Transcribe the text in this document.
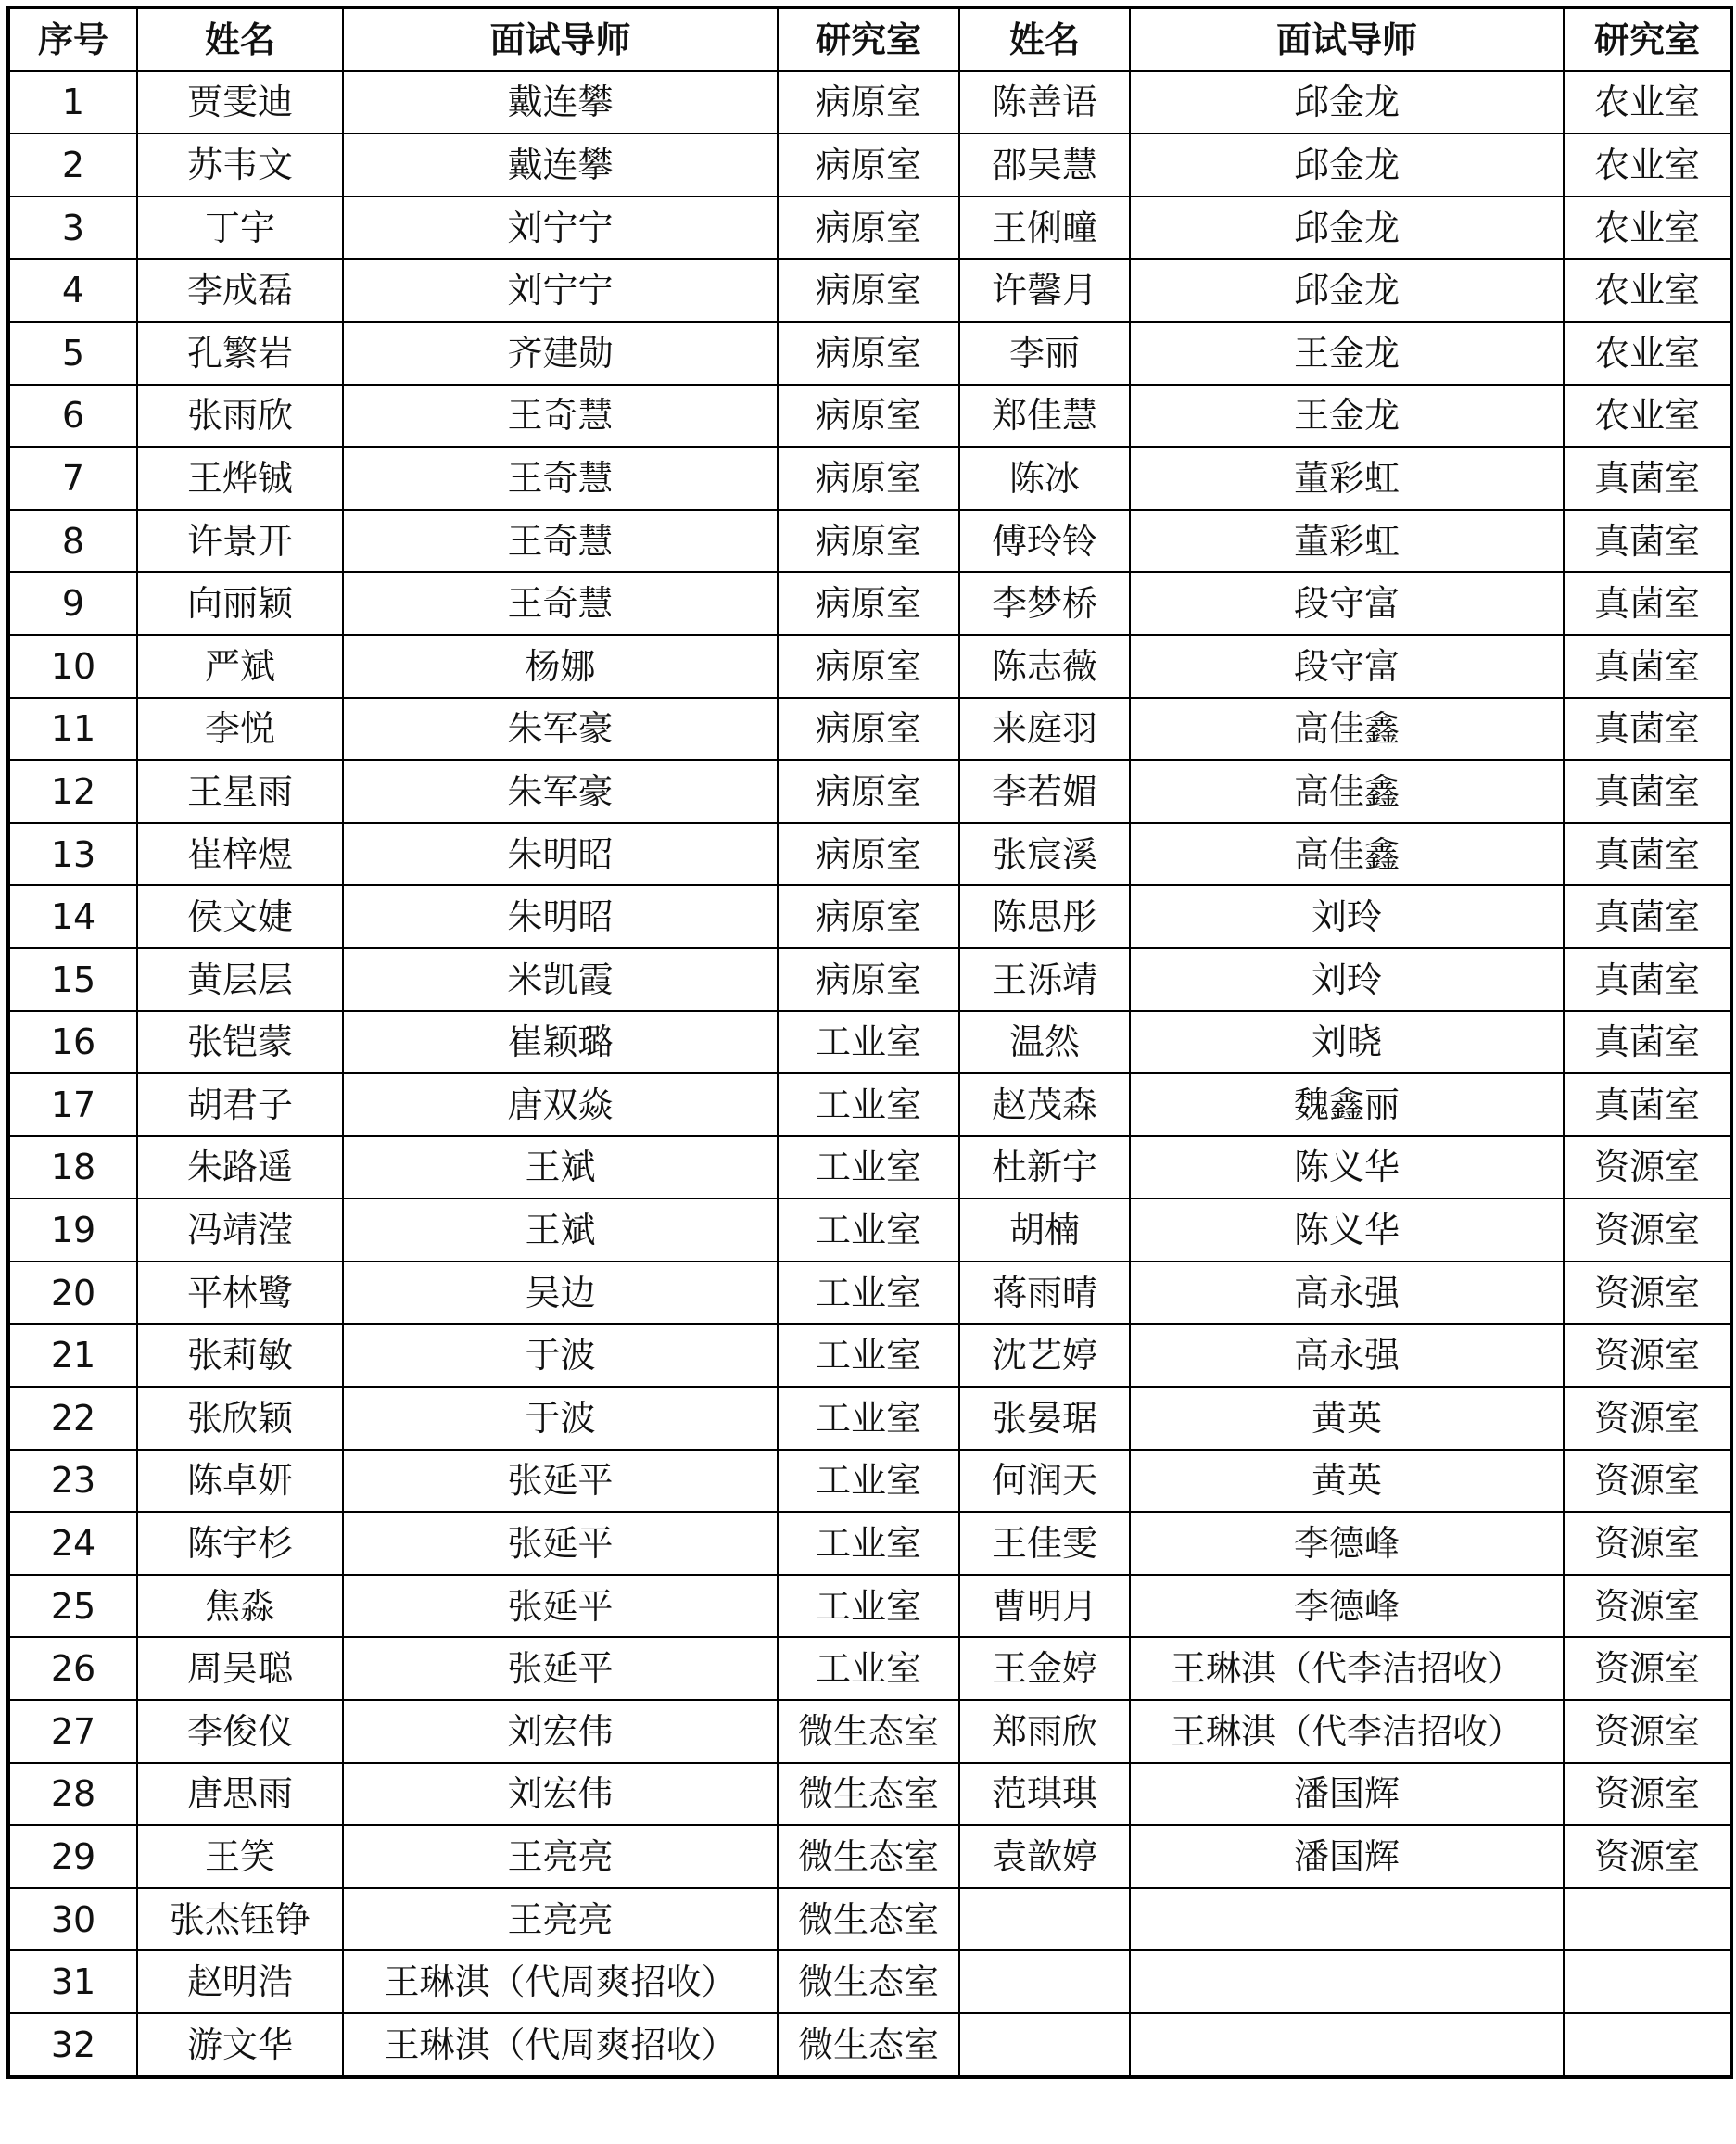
序号	姓名	面试导师	研究室	姓名	面试导师	研究室
1	贾雯迪	戴连攀	病原室	陈善语	邱金龙	农业室
2	苏韦文	戴连攀	病原室	邵吴慧	邱金龙	农业室
3	丁宇	刘宁宁	病原室	王俐曈	邱金龙	农业室
4	李成磊	刘宁宁	病原室	许馨月	邱金龙	农业室
5	孔繁岩	齐建勋	病原室	李丽	王金龙	农业室
6	张雨欣	王奇慧	病原室	郑佳慧	王金龙	农业室
7	王烨铖	王奇慧	病原室	陈冰	董彩虹	真菌室
8	许景开	王奇慧	病原室	傅玲铃	董彩虹	真菌室
9	向丽颖	王奇慧	病原室	李梦桥	段守富	真菌室
10	严斌	杨娜	病原室	陈志薇	段守富	真菌室
11	李悦	朱军豪	病原室	来庭羽	高佳鑫	真菌室
12	王星雨	朱军豪	病原室	李若媚	高佳鑫	真菌室
13	崔梓煜	朱明昭	病原室	张宸溪	高佳鑫	真菌室
14	侯文婕	朱明昭	病原室	陈思彤	刘玲	真菌室
15	黄层层	米凯霞	病原室	王泺靖	刘玲	真菌室
16	张铠蒙	崔颖璐	工业室	温然	刘晓	真菌室
17	胡君子	唐双焱	工业室	赵茂森	魏鑫丽	真菌室
18	朱路遥	王斌	工业室	杜新宇	陈义华	资源室
19	冯靖滢	王斌	工业室	胡楠	陈义华	资源室
20	平林鹭	吴边	工业室	蒋雨晴	高永强	资源室
21	张莉敏	于波	工业室	沈艺婷	高永强	资源室
22	张欣颖	于波	工业室	张晏琚	黄英	资源室
23	陈卓妍	张延平	工业室	何润天	黄英	资源室
24	陈宇杉	张延平	工业室	王佳雯	李德峰	资源室
25	焦淼	张延平	工业室	曹明月	李德峰	资源室
26	周吴聪	张延平	工业室	王金婷	王琳淇（代李洁招收）	资源室
27	李俊仪	刘宏伟	微生态室	郑雨欣	王琳淇（代李洁招收）	资源室
28	唐思雨	刘宏伟	微生态室	范琪琪	潘国辉	资源室
29	王笑	王亮亮	微生态室	袁歆婷	潘国辉	资源室
30	张杰钰铮	王亮亮	微生态室			
31	赵明浩	王琳淇（代周爽招收）	微生态室			
32	游文华	王琳淇（代周爽招收）	微生态室			
